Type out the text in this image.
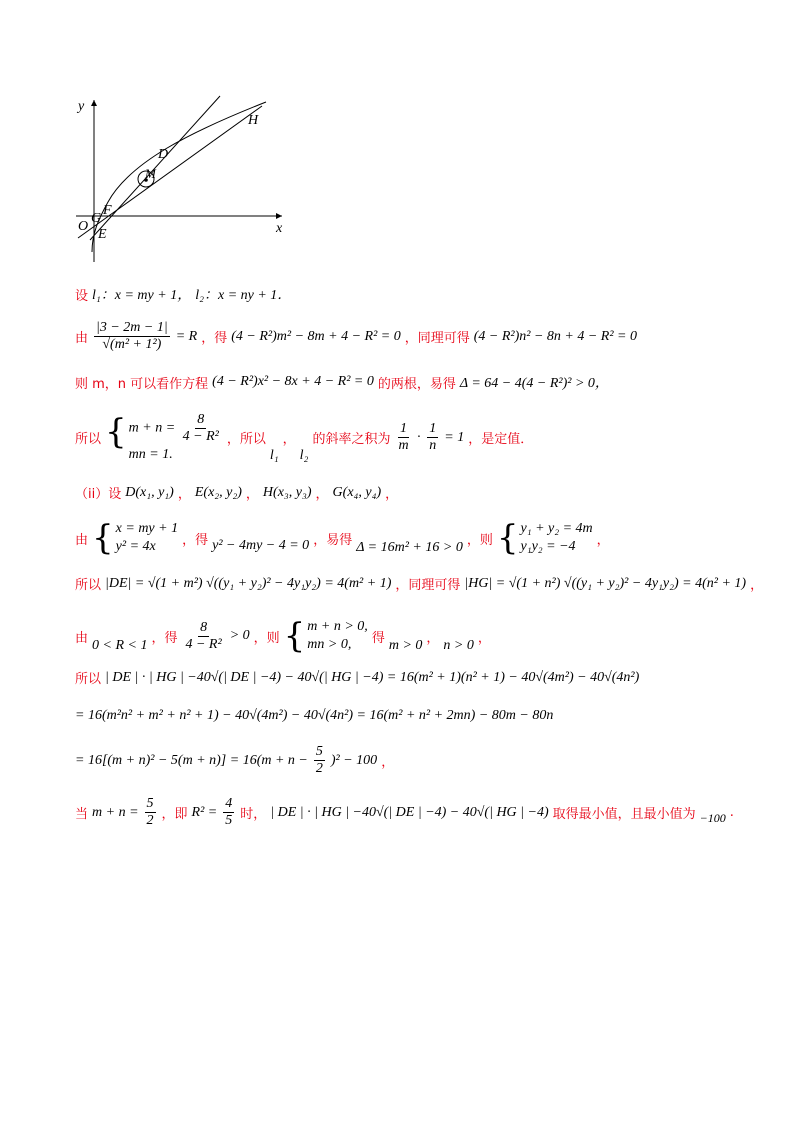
y
x
O
H
D
M
G
F
E
设 l₁：x = my + 1， l₂：x = ny + 1．
由 $\frac{|3 - 2m - 1|}{\text{√(m² + 1²)}} = R$ ，得 (4 − R²)m² − 8m + 4 − R² = 0 ，同理可得 (4 − R²)n² − 8n + 4 − R² = 0
则 m，n 可以看作方程 (4 − R²)x² − 8x + 4 − R² = 0 的两根，易得 Δ = 64 − 4(4 − R²)² > 0，
所以 { $m + n = \frac{8}{\text{4 − R²}}$
mn = 1.
，所以
l₁
，
l₂
的斜率之积为 $\frac{1}{m} \cdot \frac{1}{n} = 1$ ，是定值．
（ii）设 D(x₁, y₁) ， E(x₂, y₂) ， H(x₃, y₃) ， G(x₄, y₄) ，
由 { x = my + 1
y² = 4x	，得 y² − 4my − 4 = 0 ，易得 Δ = 16m² + 16 > 0 ，则 { y₁ + y₂ = 4m
y₁y₂ = −4	，
所以 |DE| = √(1 + m²) √((y₁ + y₂)² − 4y₁y₂) = 4(m² + 1) ，同理可得 |HG| = √(1 + n²) √((y₁ + y₂)² − 4y₁y₂) = 4(n² + 1) ，
由 0 < R < 1 ，得 $\frac{8}{\text{4 − R²}} > 0$ ，则 { m + n > 0,
mn > 0,	得 m > 0 ， n > 0 ，
所以 | DE | · | HG | −40√(| DE | −4) − 40√(| HG | −4) = 16(m² + 1)(n² + 1) − 40√(4m²) − 40√(4n²)
= 16(m²n² + m² + n² + 1) − 40√(4m²) − 40√(4n²) = 16(m² + n² + 2mn) − 80m − 80n
= $16[(m + n)^2 - 5(m + n)] = 16(m + n - \frac{5}{2} )^2 - 100$ ，
当 $m + n = \frac{5}{2}$ ，即 $R^2 = \frac{4}{5}$ 时， | DE | · | HG | −40√(| DE | −4) − 40√(| HG | −4) 取得最小值，且最小值为 −100 .
